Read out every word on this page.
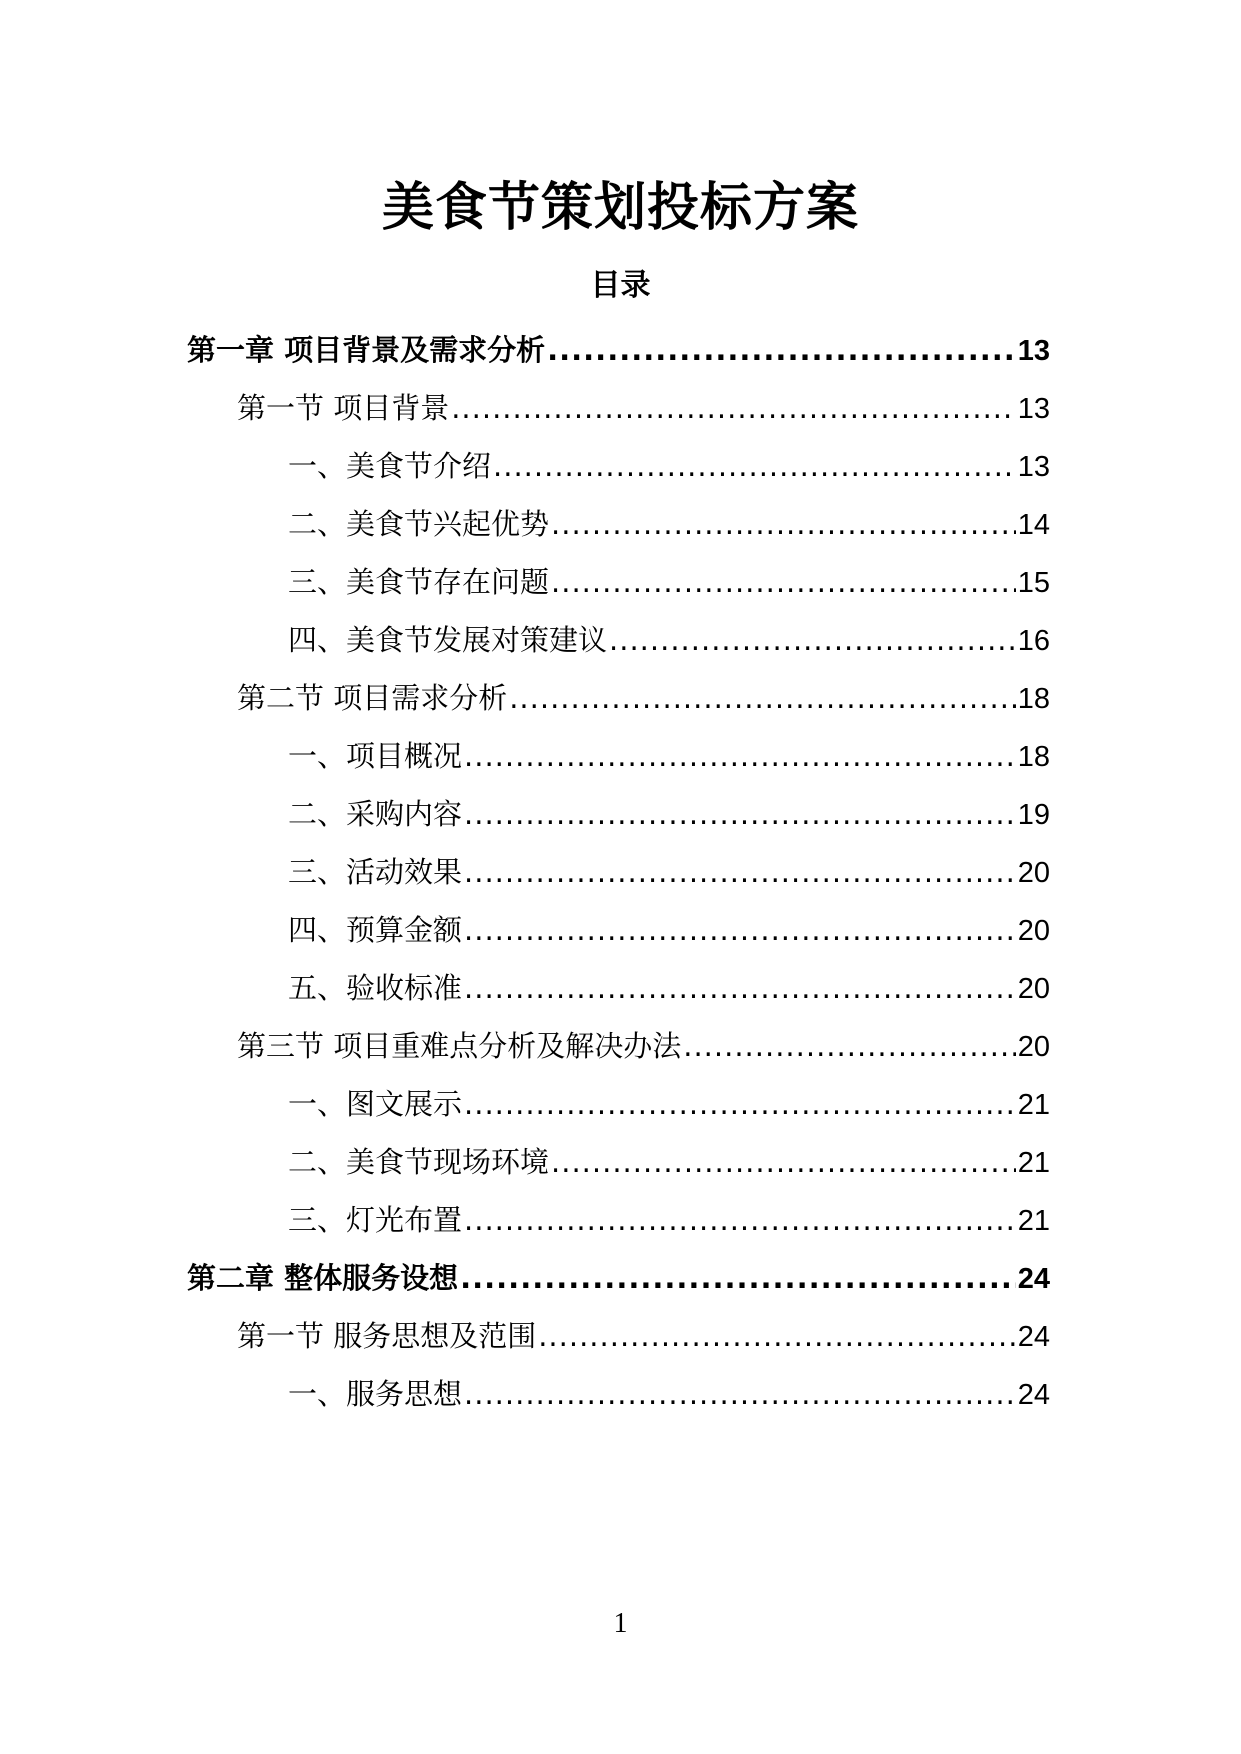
美食节策划投标方案
目录
第一章 项目背景及需求分析 .....	13
第一节 项目背景 .....	13
一、美食节介绍 .....	13
二、美食节兴起优势 .....	14
三、美食节存在问题 .....	15
四、美食节发展对策建议 .....	16
第二节 项目需求分析 .....	18
一、项目概况 .....	18
二、采购内容 .....	19
三、活动效果 .....	20
四、预算金额 .....	20
五、验收标准 .....	20
第三节 项目重难点分析及解决办法 .....	20
一、图文展示 .....	21
二、美食节现场环境 .....	21
三、灯光布置 .....	21
第二章 整体服务设想 .....	24
第一节 服务思想及范围 .....	24
一、服务思想 .....	24
1
